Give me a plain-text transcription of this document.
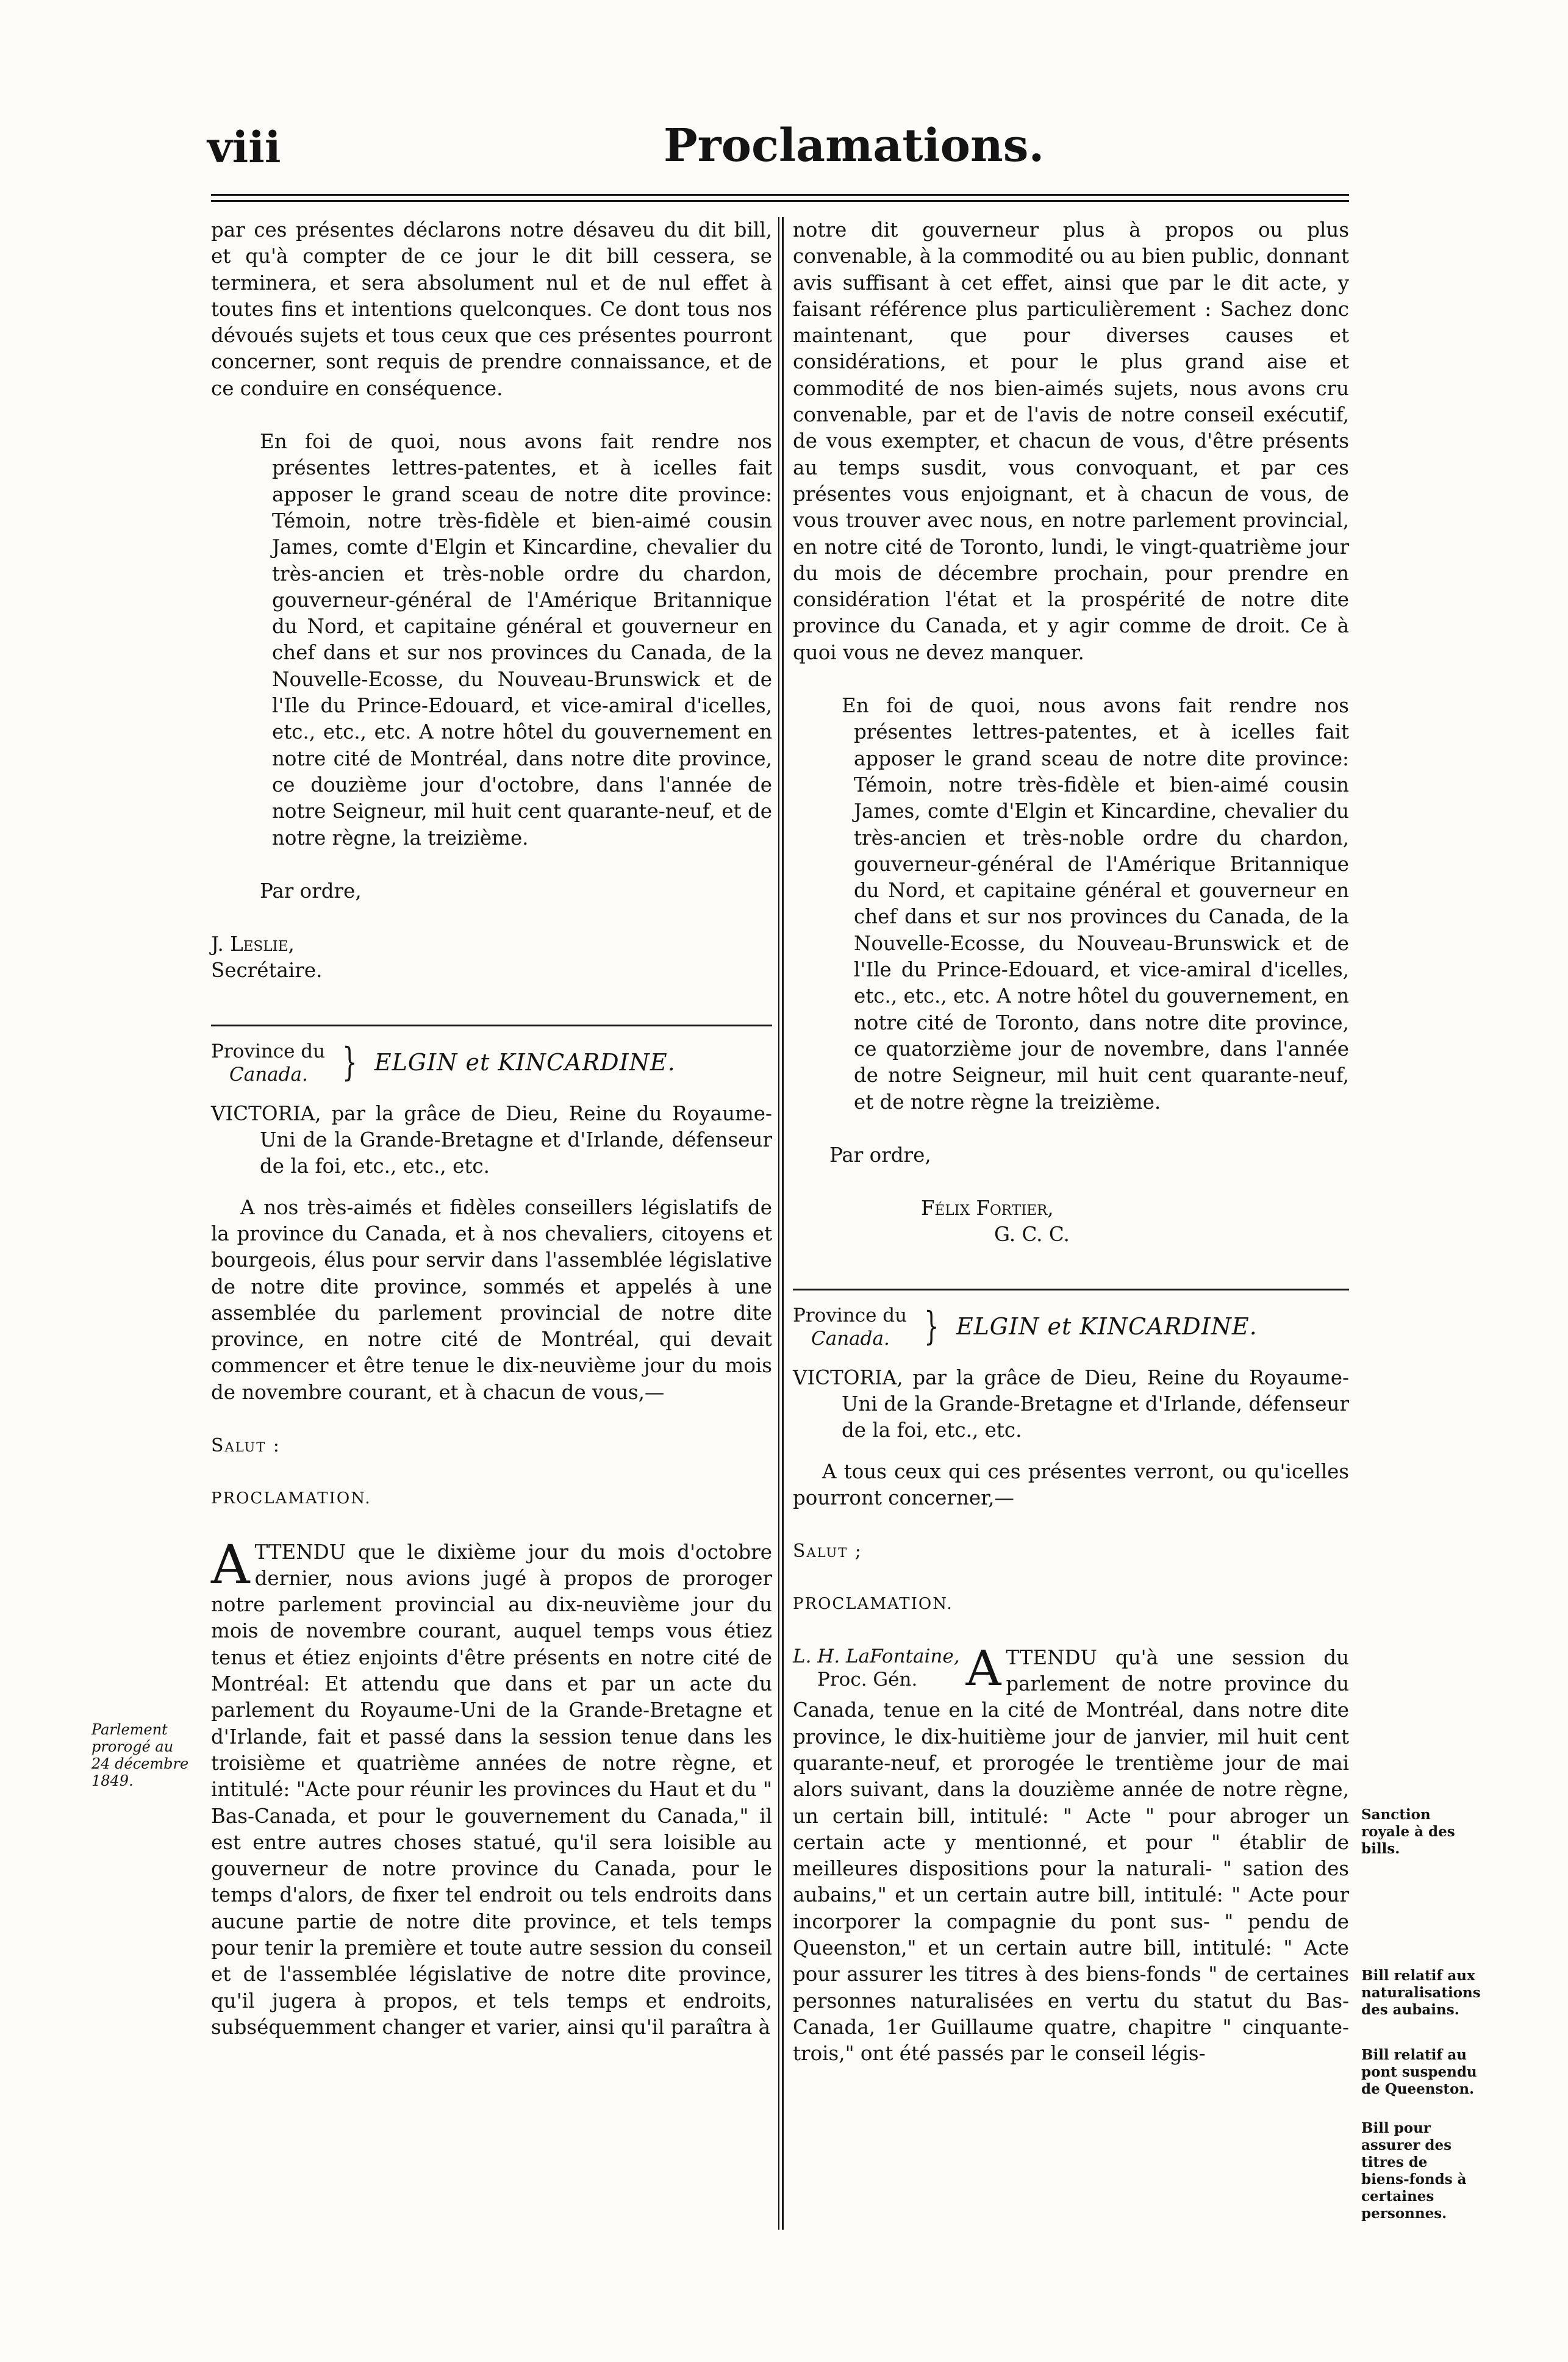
viii	Proclamations.

par ces présentes déclarons notre désaveu du dit bill, et qu'à compter de ce jour le dit bill cessera, se terminera, et sera absolument nul et de nul effet à toutes fins et intentions quelconques. Ce dont tous nos dévoués sujets et tous ceux que ces présentes pourront concerner, sont requis de prendre connaissance, et de ce conduire en conséquence.

En foi de quoi, nous avons fait rendre nos présentes lettres-patentes, et à icelles fait apposer le grand sceau de notre dite province: Témoin, notre très-fidèle et bien-aimé cousin James, comte d'Elgin et Kincardine, chevalier du très-ancien et très-noble ordre du chardon, gouverneur-général de l'Amérique Britannique du Nord, et capitaine général et gouverneur en chef dans et sur nos provinces du Canada, de la Nouvelle-Ecosse, du Nouveau-Brunswick et de l'Ile du Prince-Edouard, et vice-amiral d'icelles, etc., etc., etc. A notre hôtel du gouvernement en notre cité de Montréal, dans notre dite province, ce douzième jour d'octobre, dans l'année de notre Seigneur, mil huit cent quarante-neuf, et de notre règne, la treizième.

Par ordre,

J. Leslie,

Secrétaire.

Province du
Canada. } ELGIN et KINCARDINE.

VICTORIA, par la grâce de Dieu, Reine du Royaume-Uni de la Grande-Bretagne et d'Irlande, défenseur de la foi, etc., etc., etc.

A nos très-aimés et fidèles conseillers législatifs de la province du Canada, et à nos chevaliers, citoyens et bourgeois, élus pour servir dans l'assemblée législative de notre dite province, sommés et appelés à une assemblée du parlement provincial de notre dite province, en notre cité de Montréal, qui devait commencer et être tenue le dix-neuvième jour du mois de novembre courant, et à chacun de vous,—

Salut :

PROCLAMATION.

ATTENDU que le dixième jour du mois d'octobre dernier, nous avions jugé à propos de proroger notre parlement provincial au dix-neuvième jour du mois de novembre courant, auquel temps vous étiez tenus et étiez enjoints d'être présents en notre cité de Montréal: Et attendu que dans et par un acte du parlement du Royaume-Uni de la Grande-Bretagne et d'Irlande, fait et passé dans la session tenue dans les troisième et quatrième années de notre règne, et intitulé: "Acte pour réunir les provinces du Haut et du " Bas-Canada, et pour le gouvernement du Canada," il est entre autres choses statué, qu'il sera loisible au gouverneur de notre province du Canada, pour le temps d'alors, de fixer tel endroit ou tels endroits dans aucune partie de notre dite province, et tels temps pour tenir la première et toute autre session du conseil et de l'assemblée législative de notre dite province, qu'il jugera à propos, et tels temps et endroits, subséquemment changer et varier, ainsi qu'il paraîtra à

Parlement prorogé au 24 décembre 1849.

notre dit gouverneur plus à propos ou plus convenable, à la commodité ou au bien public, donnant avis suffisant à cet effet, ainsi que par le dit acte, y faisant référence plus particulièrement : Sachez donc maintenant, que pour diverses causes et considérations, et pour le plus grand aise et commodité de nos bien-aimés sujets, nous avons cru convenable, par et de l'avis de notre conseil exécutif, de vous exempter, et chacun de vous, d'être présents au temps susdit, vous convoquant, et par ces présentes vous enjoignant, et à chacun de vous, de vous trouver avec nous, en notre parlement provincial, en notre cité de Toronto, lundi, le vingt-quatrième jour du mois de décembre prochain, pour prendre en considération l'état et la prospérité de notre dite province du Canada, et y agir comme de droit. Ce à quoi vous ne devez manquer.

En foi de quoi, nous avons fait rendre nos présentes lettres-patentes, et à icelles fait apposer le grand sceau de notre dite province: Témoin, notre très-fidèle et bien-aimé cousin James, comte d'Elgin et Kincardine, chevalier du très-ancien et très-noble ordre du chardon, gouverneur-général de l'Amérique Britannique du Nord, et capitaine général et gouverneur en chef dans et sur nos provinces du Canada, de la Nouvelle-Ecosse, du Nouveau-Brunswick et de l'Ile du Prince-Edouard, et vice-amiral d'icelles, etc., etc., etc. A notre hôtel du gouvernement, en notre cité de Toronto, dans notre dite province, ce quatorzième jour de novembre, dans l'année de notre Seigneur, mil huit cent quarante-neuf, et de notre règne la treizième.

Par ordre,

Félix Fortier,

G. C. C.

Province du
Canada. } ELGIN et KINCARDINE.

VICTORIA, par la grâce de Dieu, Reine du Royaume-Uni de la Grande-Bretagne et d'Irlande, défenseur de la foi, etc., etc.

A tous ceux qui ces présentes verront, ou qu'icelles pourront concerner,—

Salut ;

PROCLAMATION.

L. H. LaFontaine,
Proc. Gén. ATTENDU qu'à une session du parlement de notre province du Canada, tenue en la cité de Montréal, dans notre dite province, le dix-huitième jour de janvier, mil huit cent quarante-neuf, et prorogée le trentième jour de mai alors suivant, dans la douzième année de notre règne, un certain bill, intitulé: " Acte " pour abroger un certain acte y mentionné, et pour " établir de meilleures dispositions pour la naturali- " sation des aubains," et un certain autre bill, intitulé: " Acte pour incorporer la compagnie du pont sus- " pendu de Queenston," et un certain autre bill, intitulé: " Acte pour assurer les titres à des biens-fonds " de certaines personnes naturalisées en vertu du statut du Bas-Canada, 1er Guillaume quatre, chapitre " cinquante-trois," ont été passés par le conseil légis-

Sanction royale à des bills.
Bill relatif aux naturalisations des aubains.
Bill relatif au pont suspendu de Queenston.
Bill pour assurer des titres de biens-fonds à certaines personnes.
